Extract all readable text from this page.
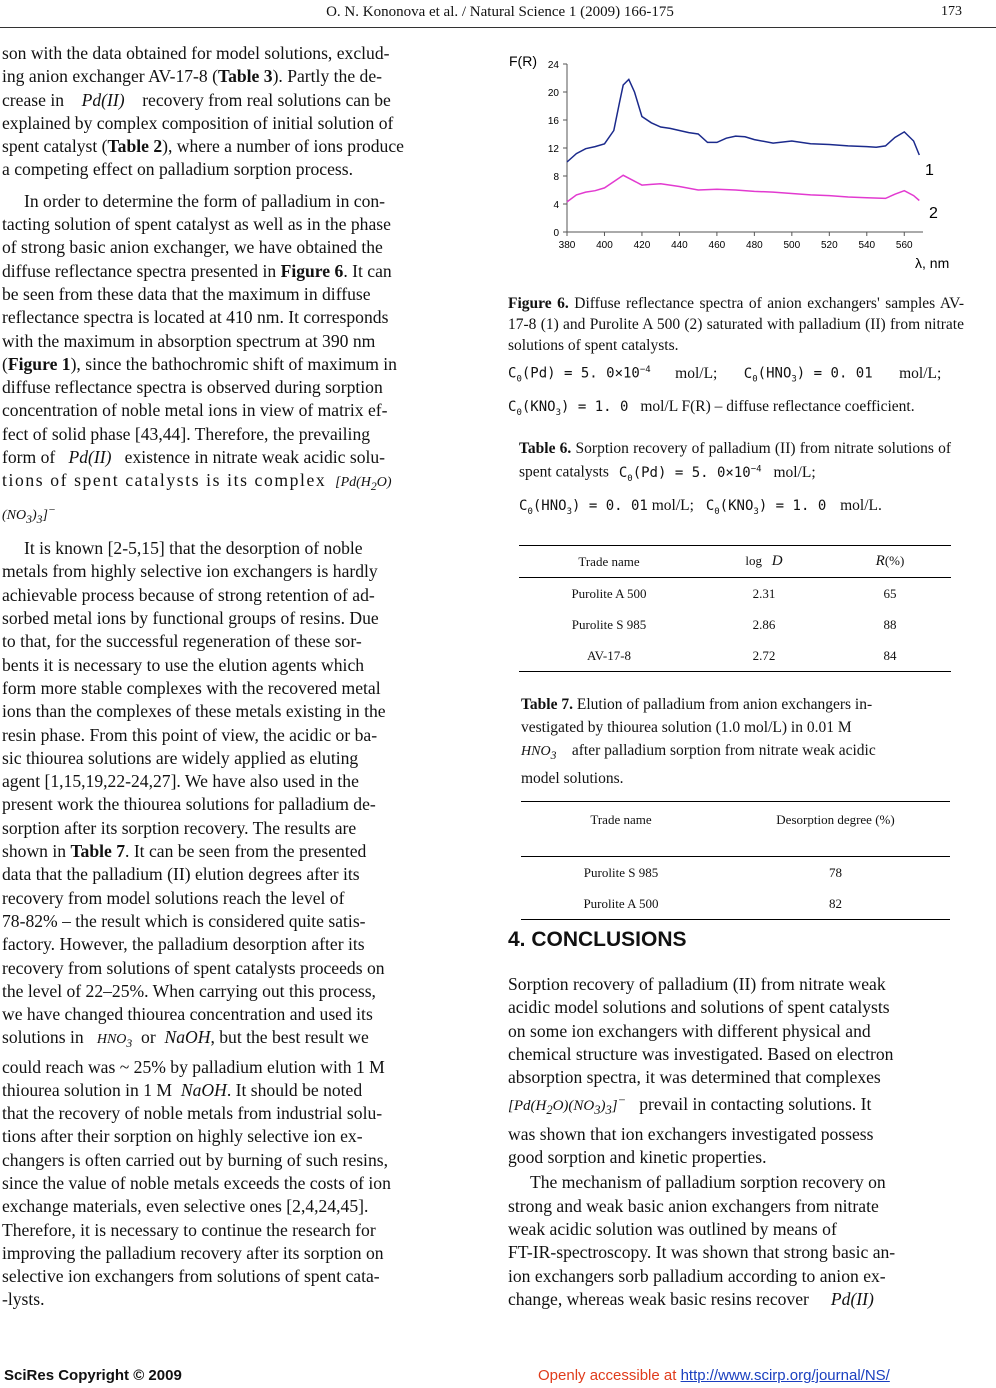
O. N. Kononova et al. / Natural Science 1 (2009) 166-175	173

son with the data obtained for model solutions, exclud-
ing anion exchanger AV-17-8 (Table 3). Partly the de-
crease in Pd(II) recovery from real solutions can be
explained by complex composition of initial solution of
spent catalyst (Table 2), where a number of ions produce
a competing effect on palladium sorption process.

In order to determine the form of palladium in con-
tacting solution of spent catalyst as well as in the phase
of strong basic anion exchanger, we have obtained the
diffuse reflectance spectra presented in Figure 6. It can
be seen from these data that the maximum in diffuse
reflectance spectra is located at 410 nm. It corresponds
with the maximum in absorption spectrum at 390 nm
(Figure 1), since the bathochromic shift of maximum in
diffuse reflectance spectra is observed during sorption
concentration of noble metal ions in view of matrix ef-
fect of solid phase [43,44]. Therefore, the prevailing
form of Pd(II) existence in nitrate weak acidic solu-
tions of spent catalysts is its complex [$Pd(H_2O)$
$(NO_3)_3]^-$

It is known [2-5,15] that the desorption of noble
metals from highly selective ion exchangers is hardly
achievable process because of strong retention of ad-
sorbed metal ions by functional groups of resins. Due
to that, for the successful regeneration of these sor-
bents it is necessary to use the elution agents which
form more stable complexes with the recovered metal
ions than the complexes of these metals existing in the
resin phase. From this point of view, the acidic or ba-
sic thiourea solutions are widely applied as eluting
agent [1,15,19,22-24,27]. We have also used in the
present work the thiourea solutions for palladium de-
sorption after its sorption recovery. The results are
shown in Table 7. It can be seen from the presented
data that the palladium (II) elution degrees after its
recovery from model solutions reach the level of
78-82% – the result which is considered quite satis-
factory. However, the palladium desorption after its
recovery from solutions of spent catalysts proceeds on
the level of 22–25%. When carrying out this process,
we have changed thiourea concentration and used its
solutions in $HNO_3$ or NaOH, but the best result we
could reach was ~ 25% by palladium elution with 1 M
thiourea solution in 1 M NaOH. It should be noted
that the recovery of noble metals from industrial solu-
tions after their sorption on highly selective ion ex-
changers is often carried out by burning of such resins,
since the value of noble metals exceeds the costs of ion
exchange materials, even selective ones [2,4,24,45].
Therefore, it is necessary to continue the research for
improving the palladium recovery after its sorption on
selective ion exchangers from solutions of spent cata-
-lysts.

F(R)
λ, nm
0
4
8
12
16
20
24
380 400 420 440 460 480 500 520 540 560
1
2
Figure 6. Diffuse reflectance spectra of anion exchangers' samples AV-17-8 (1) and Purolite A 500 (2) saturated with palladium (II) from nitrate solutions of spent catalysts.
$C_0(Pd) = 5$. $0\times 10^{-4}$ mol/L; $C_0(HNO_3) = 0$. 01 mol/L;
$C_0(KNO_3) = 1$. 0 mol/L F(R) – diffuse reflectance coefficient.
Table 6. Sorption recovery of palladium (II) from nitrate solutions of spent catalysts $C_0(Pd) = 5$. $0\times 10^{-4}$ mol/L;
$C_0(HNO_3) = 0$. 01 mol/L; $C_0(KNO_3) = 1$. 0 mol/L.
Trade name	log D	R(%)
Purolite A 500	2.31	65
Purolite S 985	2.86	88
AV-17-8	2.72	84
Table 7. Elution of palladium from anion exchangers in-
vestigated by thiourea solution (1.0 mol/L) in 0.01 M
$HNO_3$ after palladium sorption from nitrate weak acidic
model solutions.
Trade name	Desorption degree (%)
Purolite S 985	78
Purolite A 500	82
4. CONCLUSIONS

Sorption recovery of palladium (II) from nitrate weak
acidic model solutions and solutions of spent catalysts
on some ion exchangers with different physical and
chemical structure was investigated. Based on electron
absorption spectra, it was determined that complexes
$[Pd(H_2O)(NO_3)_3]^-$ prevail in contacting solutions. It
was shown that ion exchangers investigated possess
good sorption and kinetic properties.

The mechanism of palladium sorption recovery on
strong and weak basic anion exchangers from nitrate
weak acidic solution was outlined by means of
FT-IR-spectroscopy. It was shown that strong basic an-
ion exchangers sorb palladium according to anion ex-
change, whereas weak basic resins recover Pd(II)

SciRes Copyright © 2009	Openly accessible at http://www.scirp.org/journal/NS/
